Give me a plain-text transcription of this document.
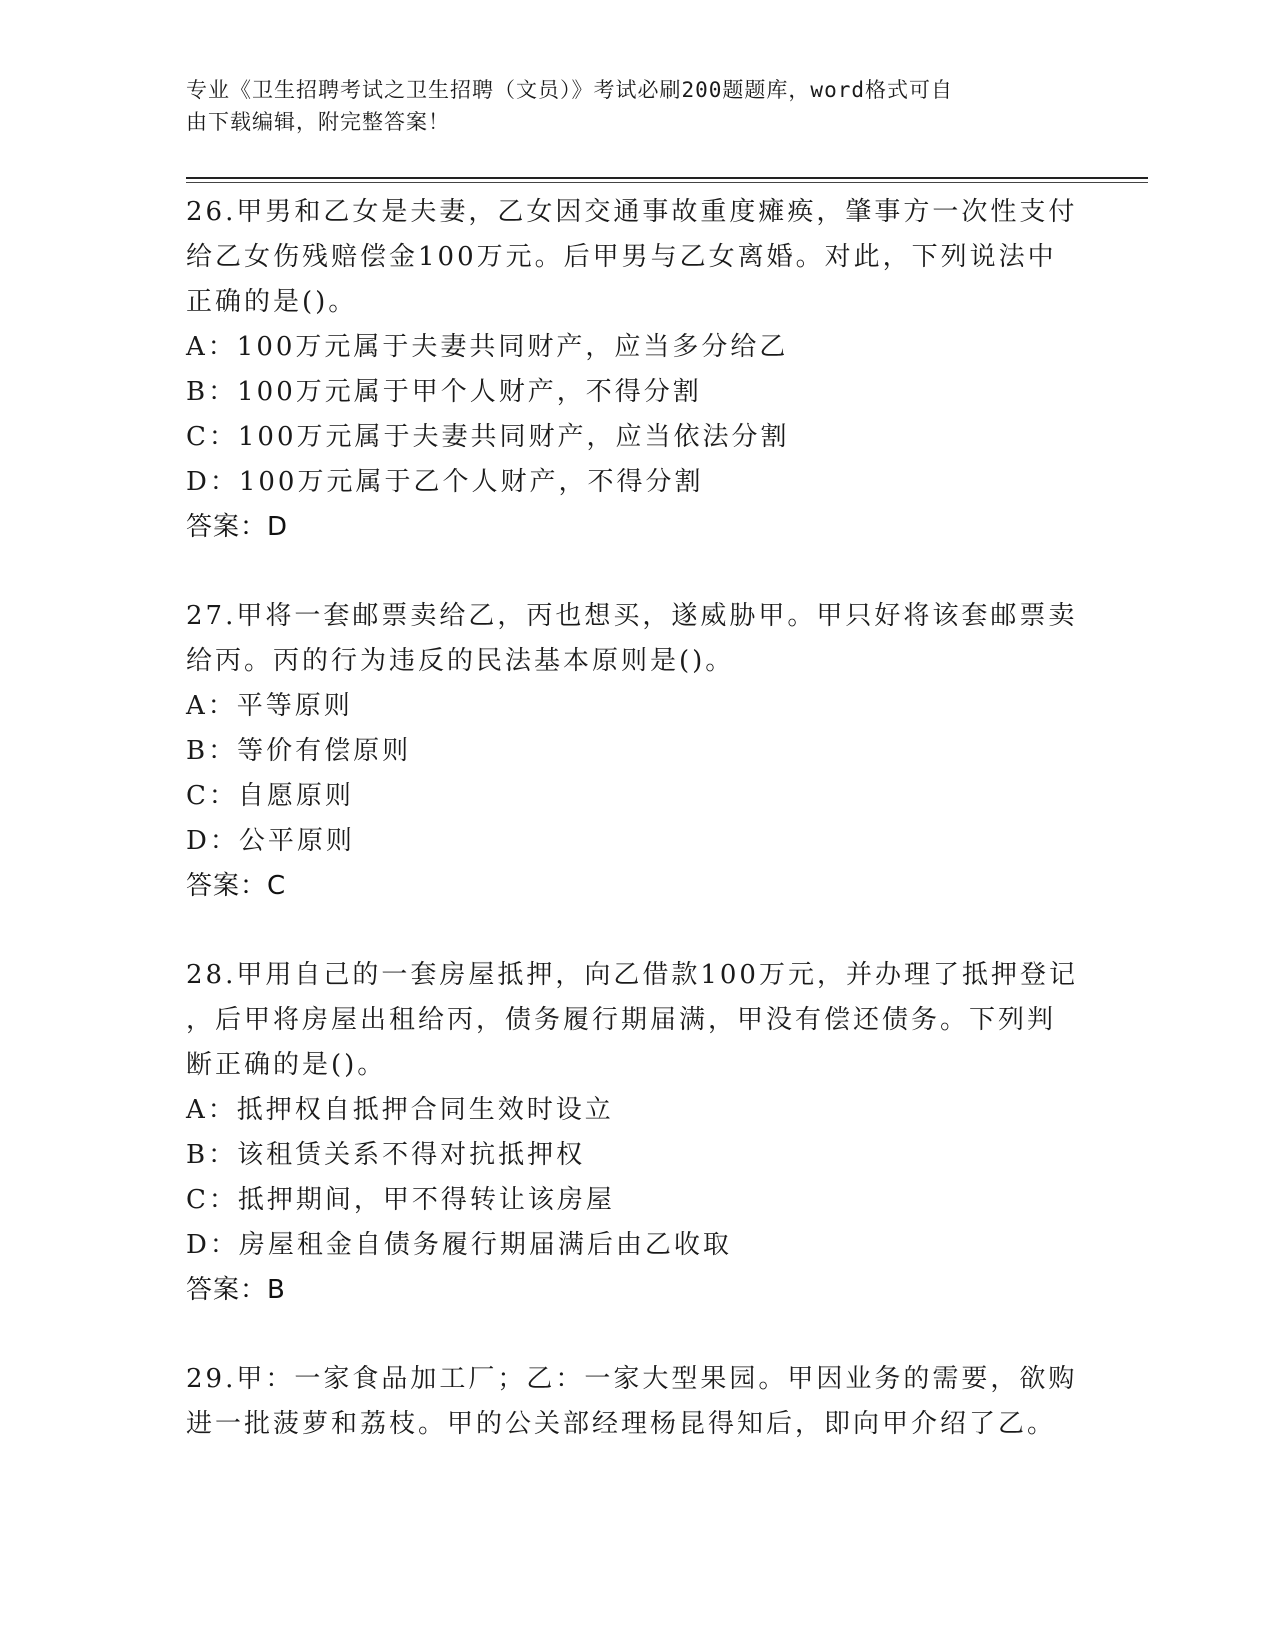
专业《卫生招聘考试之卫生招聘（文员）》考试必刷200题题库，word格式可自
由下载编辑，附完整答案！
26.甲男和乙女是夫妻，乙女因交通事故重度瘫痪，肇事方一次性支付
给乙女伤残赔偿金100万元。后甲男与乙女离婚。对此，下列说法中
正确的是()。
A：100万元属于夫妻共同财产，应当多分给乙
B：100万元属于甲个人财产，不得分割
C：100万元属于夫妻共同财产，应当依法分割
D：100万元属于乙个人财产，不得分割
答案：D
27.甲将一套邮票卖给乙，丙也想买，遂威胁甲。甲只好将该套邮票卖
给丙。丙的行为违反的民法基本原则是()。
A：平等原则
B：等价有偿原则
C：自愿原则
D：公平原则
答案：C
28.甲用自己的一套房屋抵押，向乙借款100万元，并办理了抵押登记
，后甲将房屋出租给丙，债务履行期届满，甲没有偿还债务。下列判
断正确的是()。
A：抵押权自抵押合同生效时设立
B：该租赁关系不得对抗抵押权
C：抵押期间，甲不得转让该房屋
D：房屋租金自债务履行期届满后由乙收取
答案：B
29.甲：一家食品加工厂；乙：一家大型果园。甲因业务的需要，欲购
进一批菠萝和荔枝。甲的公关部经理杨昆得知后，即向甲介绍了乙。
